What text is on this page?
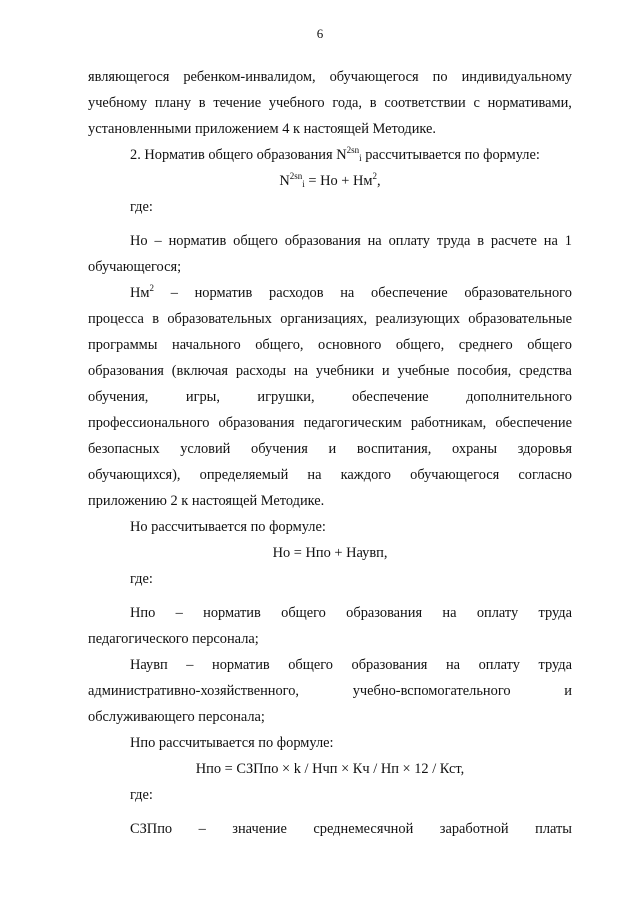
6
являющегося ребенком-инвалидом, обучающегося по индивидуальному
учебному плану в течение учебного года, в соответствии с нормативами,

установленными приложением 4 к настоящей Методике.

2. Норматив общего образования $N^{2sn}_i$ рассчитывается по формуле:

$N^{2sn}_i$ = Но + $Нм^2$,

где:

Но – норматив общего образования на оплату труда в расчете на 1

обучающегося;

$Нм^2$ – норматив расходов на обеспечение образовательного
процесса в образовательных организациях, реализующих образовательные
программы начального общего, основного общего, среднего общего
образования (включая расходы на учебники и учебные пособия, средства
обучения,	игры,	игрушки,	обеспечение	дополнительного
профессионального образования педагогическим работникам, обеспечение
безопасных условий обучения и воспитания, охраны здоровья
обучающихся), определяемый на каждого обучающегося согласно

приложению 2 к настоящей Методике.

Но рассчитывается по формуле:

Но = Нпо + Наувп,

где:

Нпо – норматив общего образования на оплату труда

педагогического персонала;

Наувп – норматив общего образования на оплату труда
административно-хозяйственного,	учебно-вспомогательного	и

обслуживающего персонала;

Нпо рассчитывается по формуле:

Нпо = СЗПпо × k / Нчп × Кч / Нп × 12 / Кст,

где:

СЗПпо – значение среднемесячной заработной платы
